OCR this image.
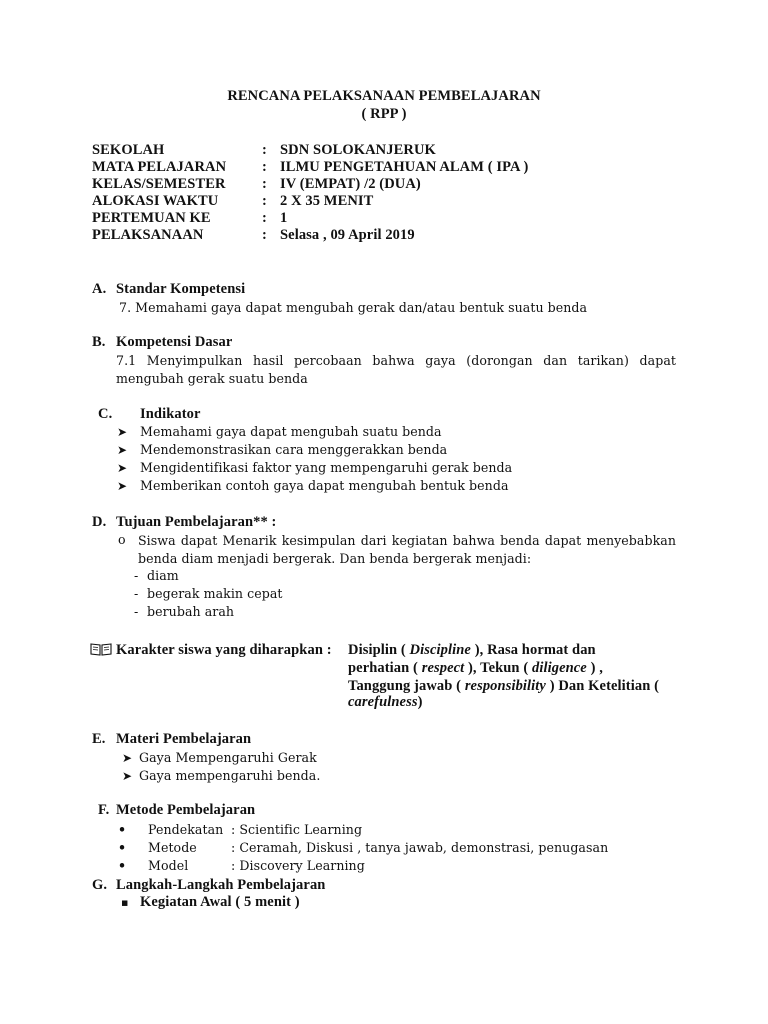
RENCANA PELAKSANAAN PEMBELAJARAN
( RPP )
SEKOLAH	: SDN SOLOKANJERUK
MATA PELAJARAN : ILMU PENGETAHUAN ALAM ( IPA )
KELAS/SEMESTER	: IV (EMPAT) /2 (DUA)
ALOKASI WAKTU	: 2 X 35 MENIT
PERTEMUAN KE	: 1
PELAKSANAAN	: Selasa , 09 April 2019
A. Standar Kompetensi
7. Memahami gaya dapat mengubah gerak dan/atau bentuk suatu benda
B. Kompetensi Dasar
7.1 Menyimpulkan hasil percobaan bahwa gaya (dorongan dan tarikan) dapat mengubah gerak suatu benda
C. Indikator
➤ Memahami gaya dapat mengubah suatu benda
➤ Mendemonstrasikan cara menggerakkan benda
➤ Mengidentifikasi faktor yang mempengaruhi gerak benda
➤ Memberikan contoh gaya dapat mengubah bentuk benda
D. Tujuan Pembelajaran** :
o Siswa dapat Menarik kesimpulan dari kegiatan bahwa benda dapat menyebabkan benda diam menjadi bergerak. Dan benda bergerak menjadi:
- diam
- begerak makin cepat
- berubah arah
Karakter siswa yang diharapkan : Disiplin ( Discipline ), Rasa hormat dan
perhatian ( respect ), Tekun ( diligence ) ,
Tanggung jawab ( responsibility ) Dan Ketelitian (
carefulness)
E. Materi Pembelajaran
➤ Gaya Mempengaruhi Gerak
➤ Gaya mempengaruhi benda.
F. Metode Pembelajaran
• Pendekatan : Scientific Learning
• Metode	: Ceramah, Diskusi , tanya jawab, demonstrasi, penugasan
• Model	: Discovery Learning
G. Langkah-Langkah Pembelajaran
▪ Kegiatan Awal ( 5 menit )
